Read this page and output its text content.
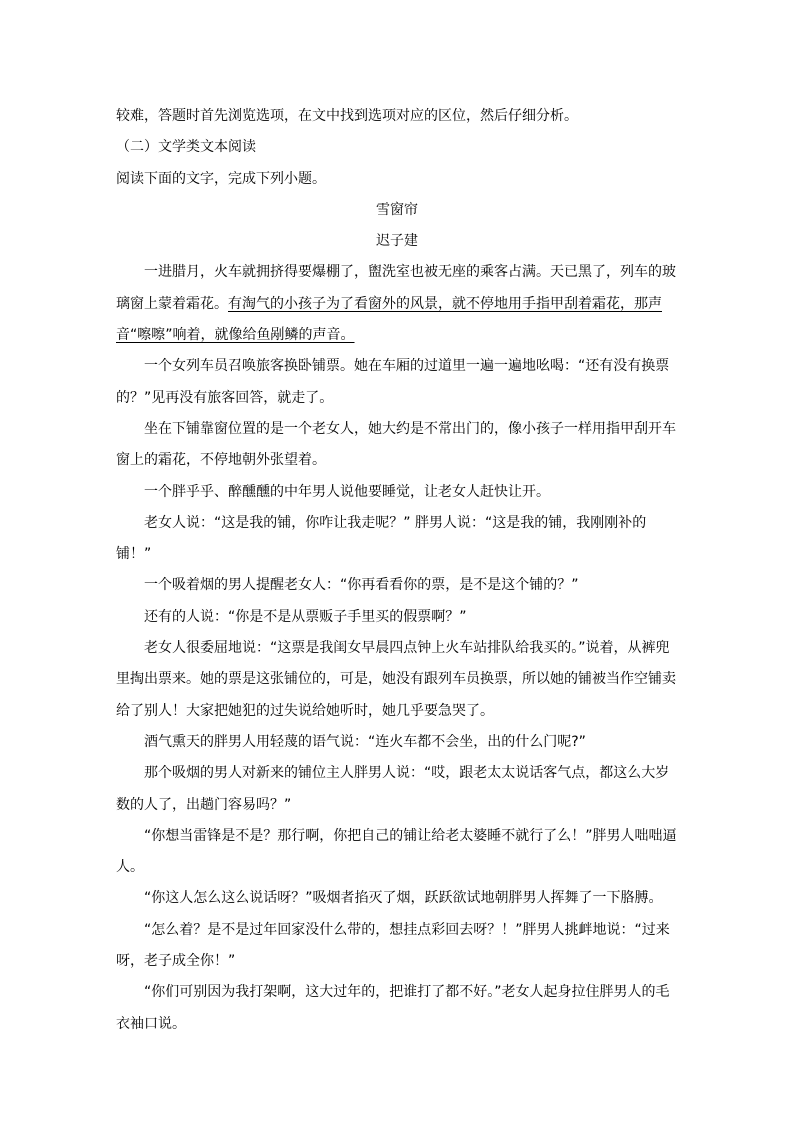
较难，答题时首先浏览选项，在文中找到选项对应的区位，然后仔细分析。

（二）文学类文本阅读

阅读下面的文字，完成下列小题。

雪窗帘

迟子建

一进腊月，火车就拥挤得要爆棚了，盥洗室也被无座的乘客占满。天已黑了，列车的玻璃窗上蒙着霜花。有淘气的小孩子为了看窗外的风景，就不停地用手指甲刮着霜花，那声音“嚓嚓”响着，就像给鱼剐鳞的声音。

一个女列车员召唤旅客换卧铺票。她在车厢的过道里一遍一遍地吆喝：“还有没有换票的？”见再没有旅客回答，就走了。

坐在下铺靠窗位置的是一个老女人，她大约是不常出门的，像小孩子一样用指甲刮开车窗上的霜花，不停地朝外张望着。

一个胖乎乎、醉醺醺的中年男人说他要睡觉，让老女人赶快让开。

老女人说：“这是我的铺，你咋让我走呢？” 胖男人说：“这是我的铺，我刚刚补的铺！”

一个吸着烟的男人提醒老女人：“你再看看你的票，是不是这个铺的？”

还有的人说：“你是不是从票贩子手里买的假票啊？”

老女人很委屈地说：“这票是我闺女早晨四点钟上火车站排队给我买的。”说着，从裤兜里掏出票来。她的票是这张铺位的，可是，她没有跟列车员换票，所以她的铺被当作空铺卖给了别人！大家把她犯的过失说给她听时，她几乎要急哭了。

酒气熏天的胖男人用轻蔑的语气说：“连火车都不会坐，出的什么门呢?”

那个吸烟的男人对新来的铺位主人胖男人说：“哎，跟老太太说话客气点，都这么大岁数的人了，出趟门容易吗？”

“你想当雷锋是不是？那行啊，你把自己的铺让给老太婆睡不就行了么！”胖男人咄咄逼人。

“你这人怎么这么说话呀？”吸烟者掐灭了烟，跃跃欲试地朝胖男人挥舞了一下胳膊。

“怎么着？是不是过年回家没什么带的，想挂点彩回去呀？！”胖男人挑衅地说：“过来呀，老子成全你！”

“你们可别因为我打架啊，这大过年的，把谁打了都不好。”老女人起身拉住胖男人的毛衣袖口说。
